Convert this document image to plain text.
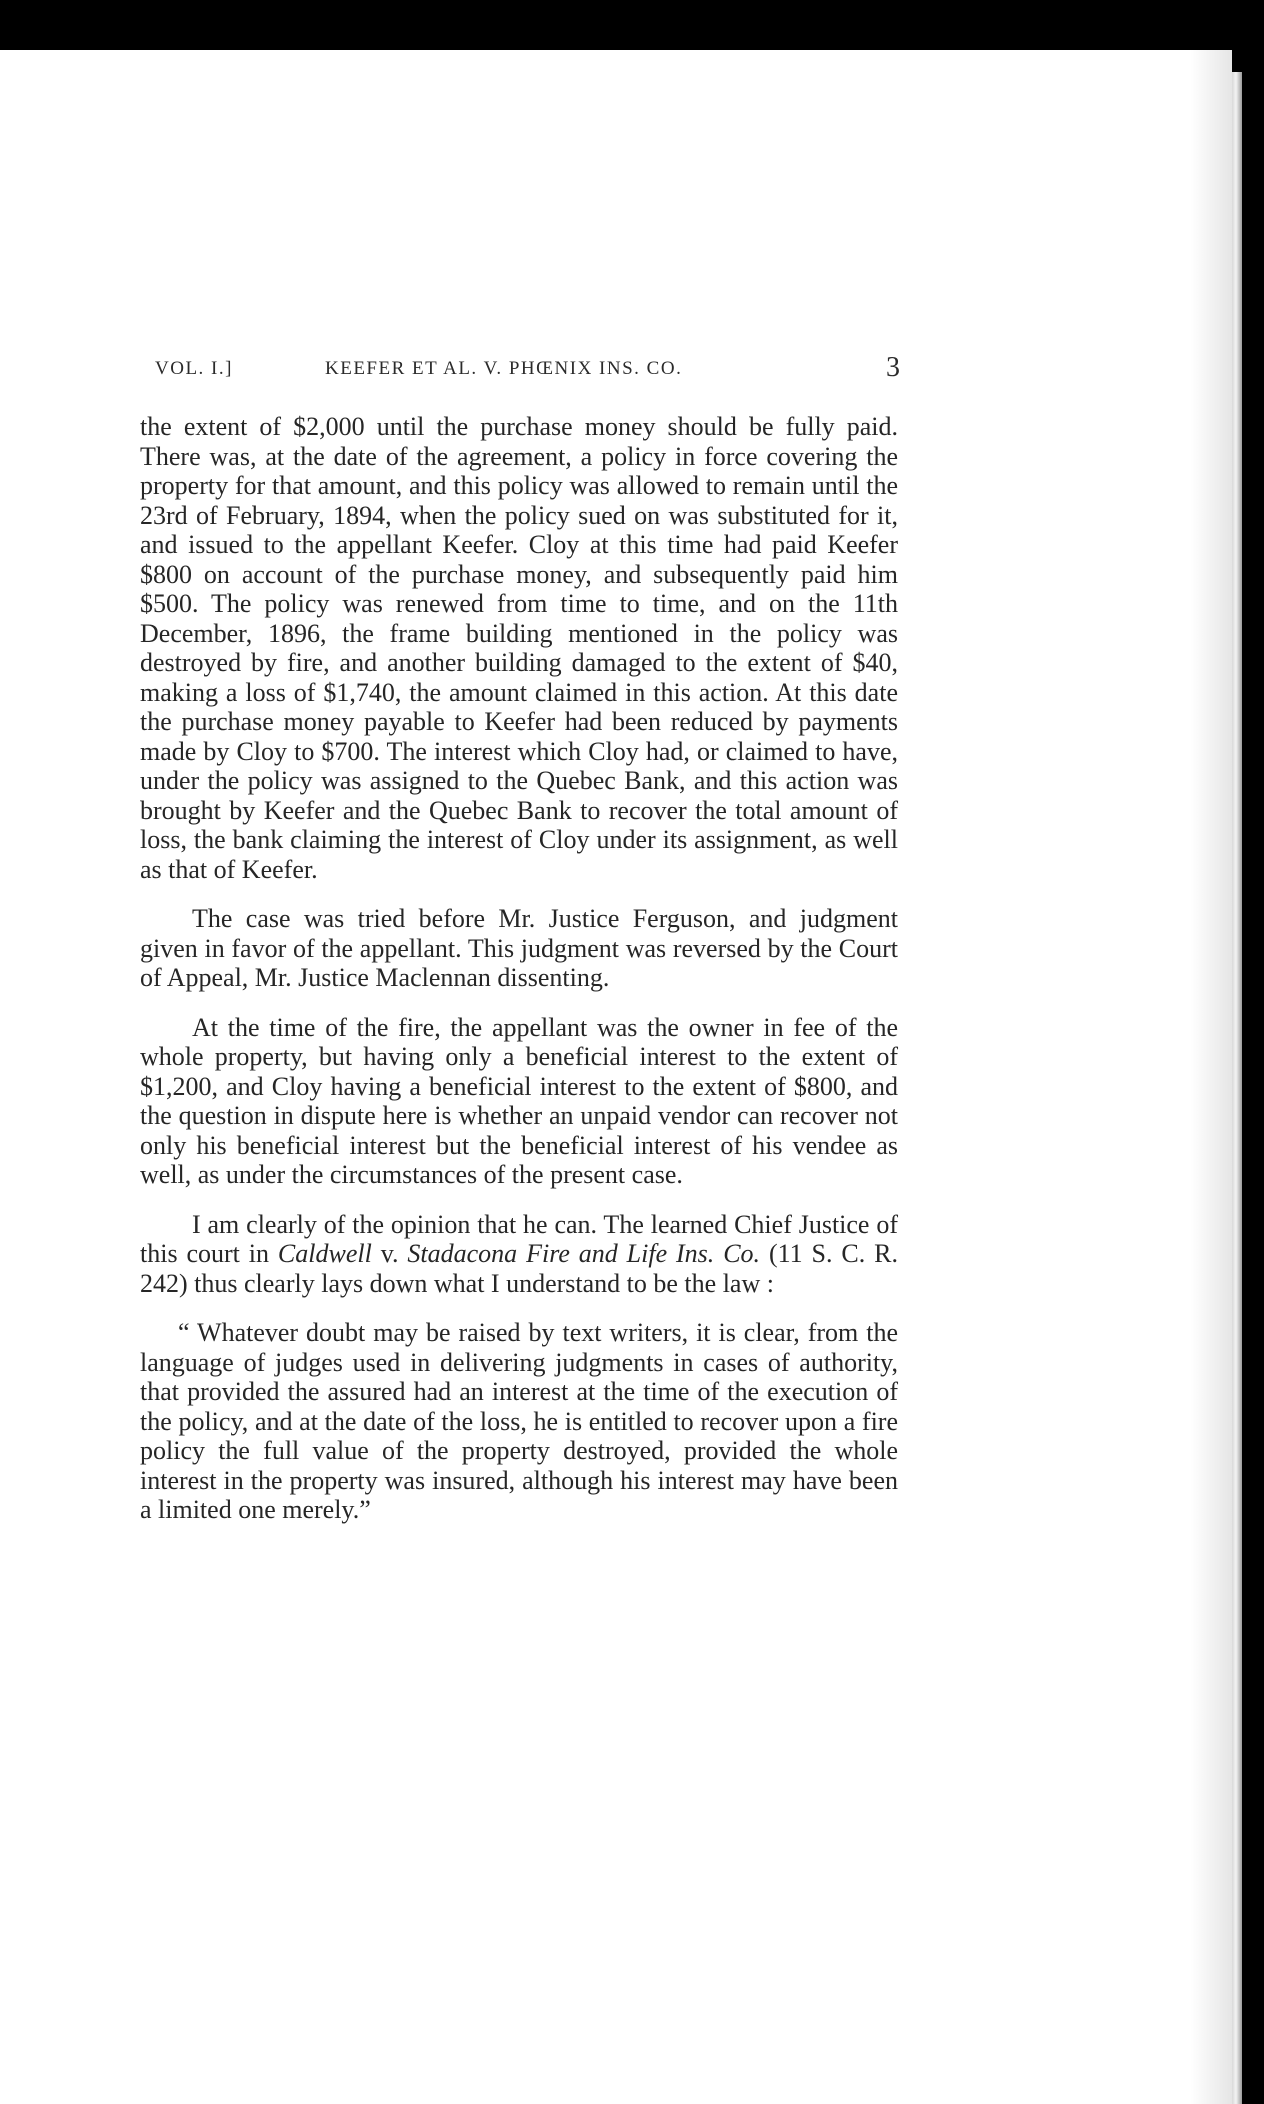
VOL. I.]	KEEFER ET AL. V. PHŒNIX INS. CO.	3

the extent of $2,000 until the purchase money should be fully paid. There was, at the date of the agreement, a policy in force covering the property for that amount, and this policy was allowed to remain until the 23rd of February, 1894, when the policy sued on was substituted for it, and issued to the appellant Keefer. Cloy at this time had paid Keefer $800 on account of the purchase money, and subsequently paid him $500. The policy was renewed from time to time, and on the 11th December, 1896, the frame building mentioned in the policy was destroyed by fire, and another building damaged to the extent of $40, making a loss of $1,740, the amount claimed in this action. At this date the purchase money payable to Keefer had been reduced by payments made by Cloy to $700. The interest which Cloy had, or claimed to have, under the policy was assigned to the Quebec Bank, and this action was brought by Keefer and the Quebec Bank to recover the total amount of loss, the bank claiming the interest of Cloy under its assignment, as well as that of Keefer.

The case was tried before Mr. Justice Ferguson, and judgment given in favor of the appellant. This judgment was reversed by the Court of Appeal, Mr. Justice Maclennan dissenting.

At the time of the fire, the appellant was the owner in fee of the whole property, but having only a beneficial interest to the extent of $1,200, and Cloy having a beneficial interest to the extent of $800, and the question in dispute here is whether an unpaid vendor can recover not only his beneficial interest but the beneficial interest of his vendee as well, as under the circumstances of the present case.

I am clearly of the opinion that he can. The learned Chief Justice of this court in Caldwell v. Stadacona Fire and Life Ins. Co. (11 S. C. R. 242) thus clearly lays down what I understand to be the law :

“ Whatever doubt may be raised by text writers, it is clear, from the language of judges used in delivering judgments in cases of authority, that provided the assured had an interest at the time of the execution of the policy, and at the date of the loss, he is entitled to recover upon a fire policy the full value of the property destroyed, provided the whole interest in the property was insured, although his interest may have been a limited one merely.”
